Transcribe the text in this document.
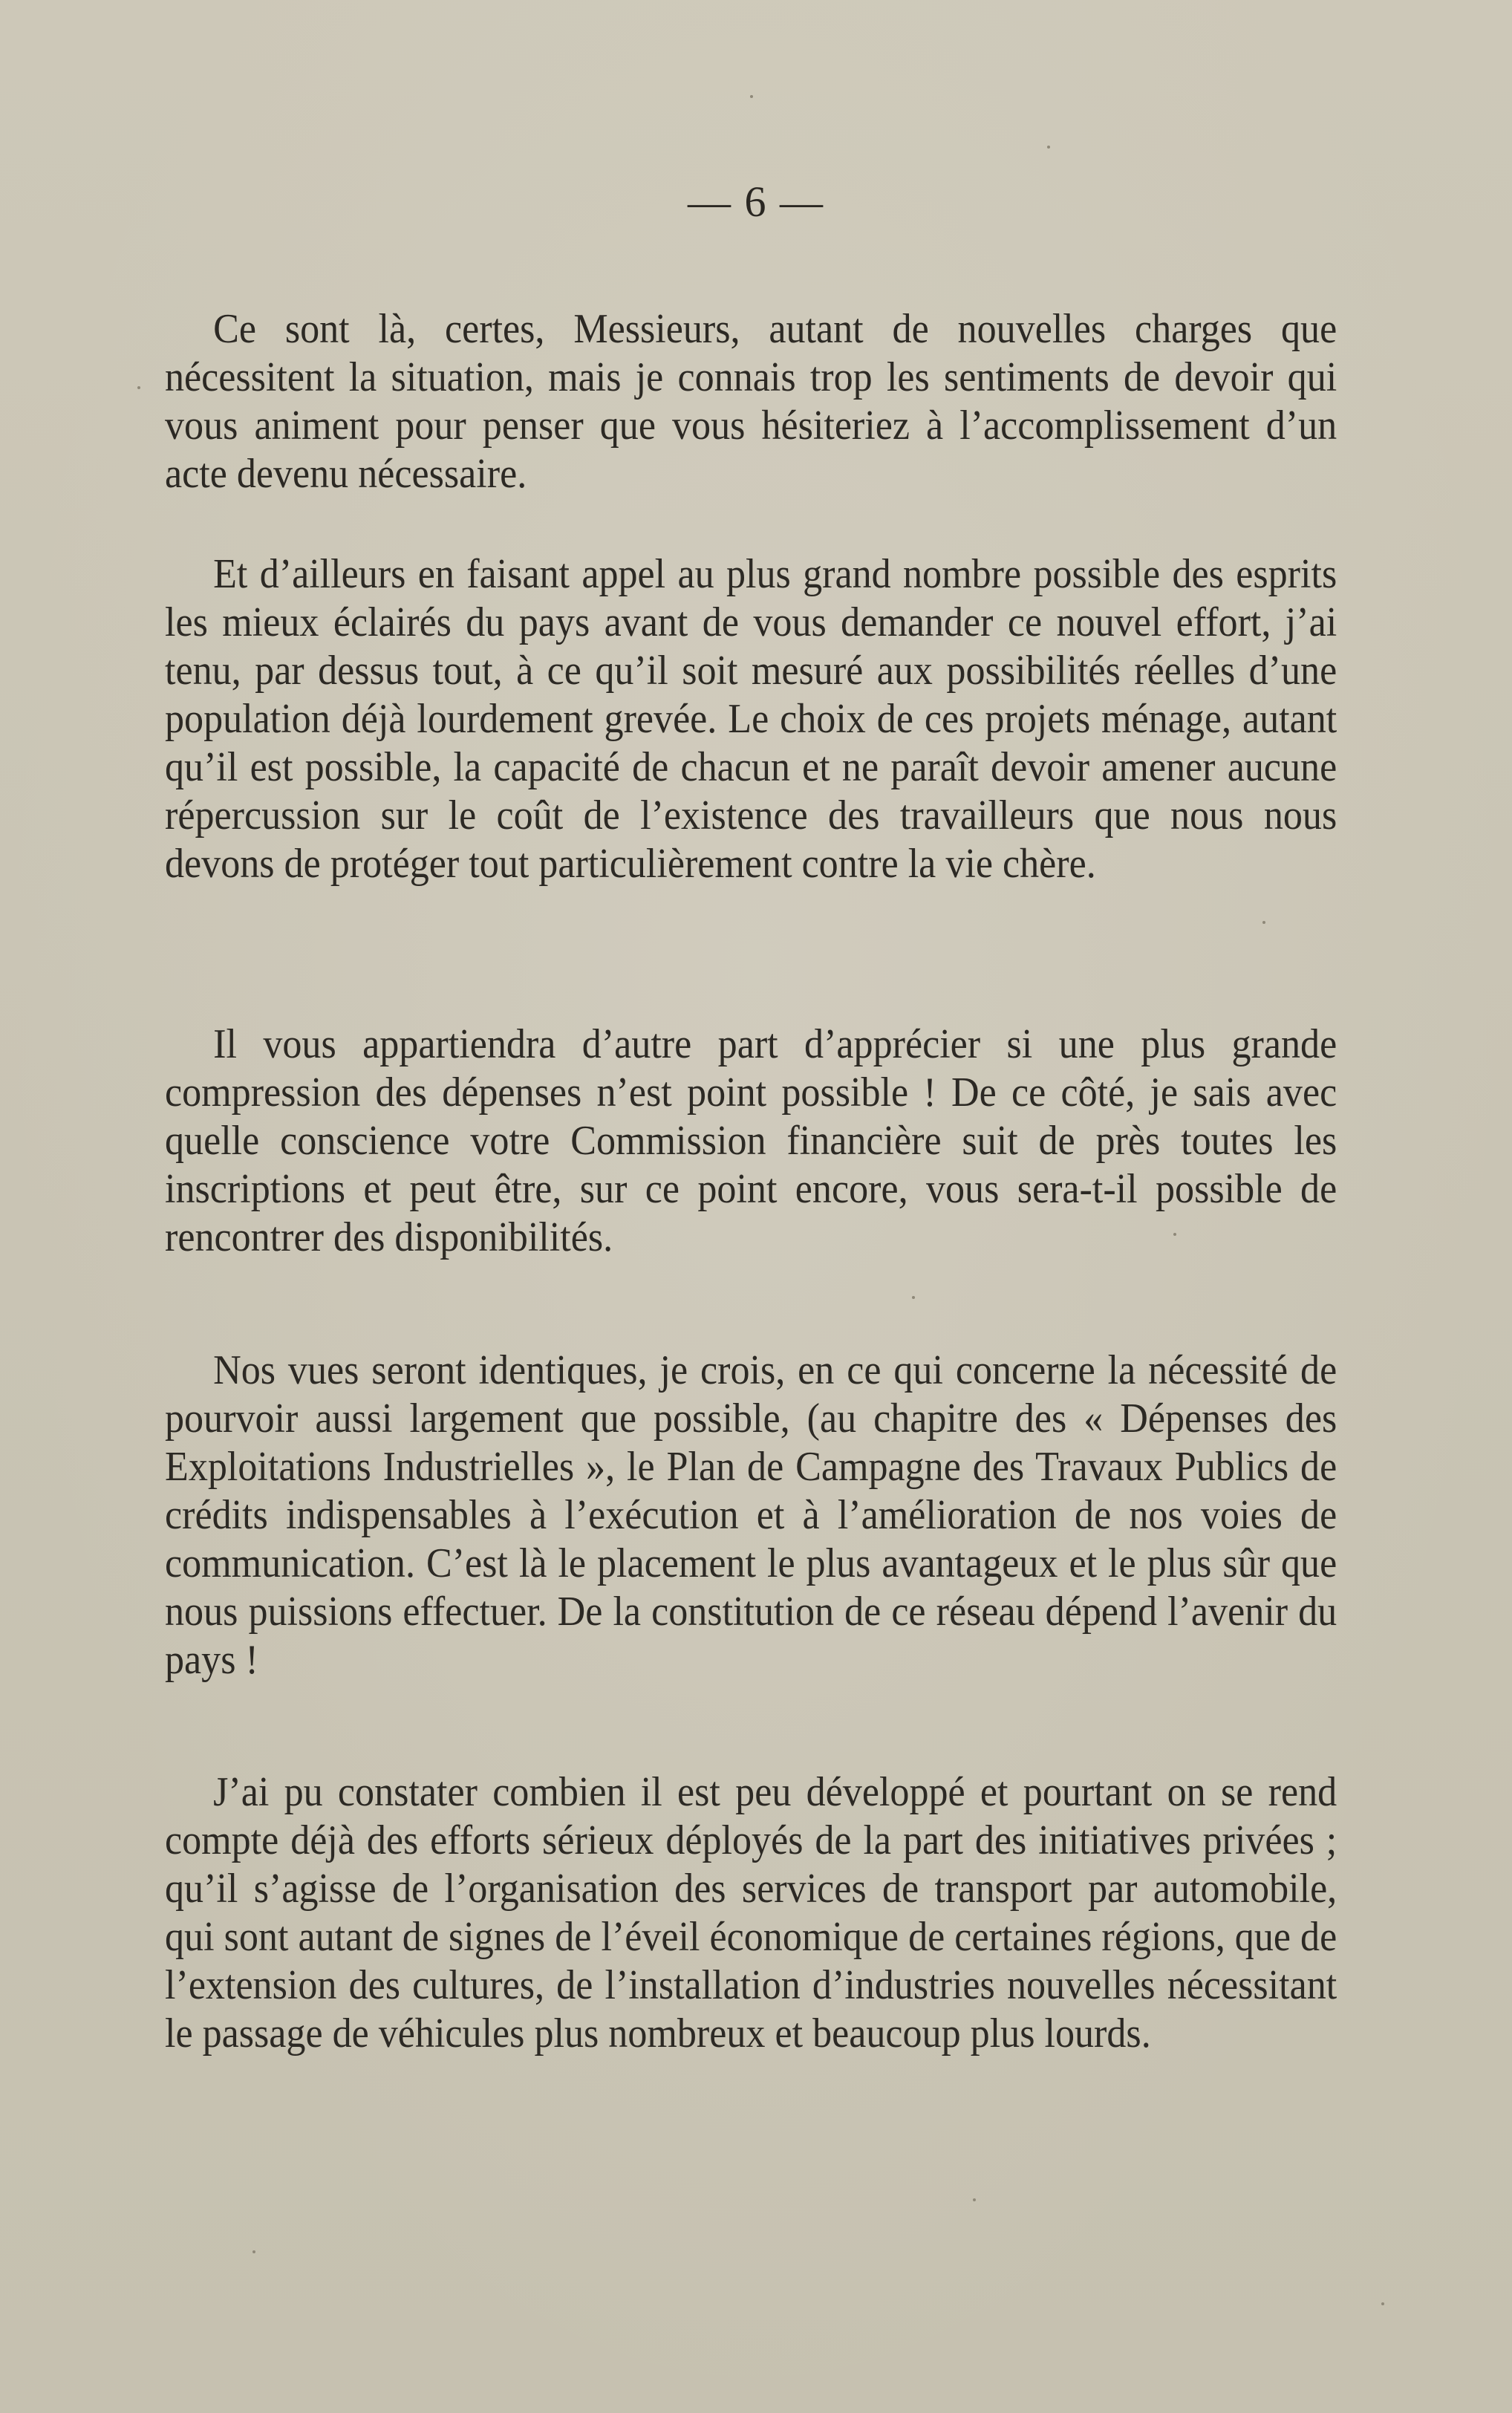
— 6 —

Ce sont là, certes, Messieurs, autant de nouvelles charges que nécessitent la situation, mais je connais trop les sentiments de devoir qui vous animent pour penser que vous hésiteriez à l’accomplissement d’un acte devenu nécessaire.

Et d’ailleurs en faisant appel au plus grand nombre possible des esprits les mieux éclairés du pays avant de vous demander ce nouvel effort, j’ai tenu, par dessus tout, à ce qu’il soit mesuré aux possibilités réelles d’une population déjà lourdement grevée. Le choix de ces projets ménage, autant qu’il est possible, la capacité de chacun et ne paraît devoir amener aucune répercussion sur le coût de l’existence des travailleurs que nous nous devons de protéger tout particulièrement contre la vie chère.

Il vous appartiendra d’autre part d’apprécier si une plus grande compression des dépenses n’est point possible ! De ce côté, je sais avec quelle conscience votre Commission financière suit de près toutes les inscriptions et peut être, sur ce point encore, vous sera-t-il possible de rencontrer des disponibilités.

Nos vues seront identiques, je crois, en ce qui concerne la nécessité de pourvoir aussi largement que possible, (au chapitre des « Dépenses des Exploitations Industrielles », le Plan de Campagne des Travaux Publics de crédits indispensables à l’exécution et à l’amélioration de nos voies de communication. C’est là le placement le plus avantageux et le plus sûr que nous puissions effectuer. De la constitution de ce réseau dépend l’avenir du pays !

J’ai pu constater combien il est peu développé et pourtant on se rend compte déjà des efforts sérieux déployés de la part des initiatives privées ; qu’il s’agisse de l’organisation des services de transport par automobile, qui sont autant de signes de l’éveil économique de certaines régions, que de l’extension des cultures, de l’installation d’industries nouvelles nécessitant le passage de véhicules plus nombreux et beaucoup plus lourds.
